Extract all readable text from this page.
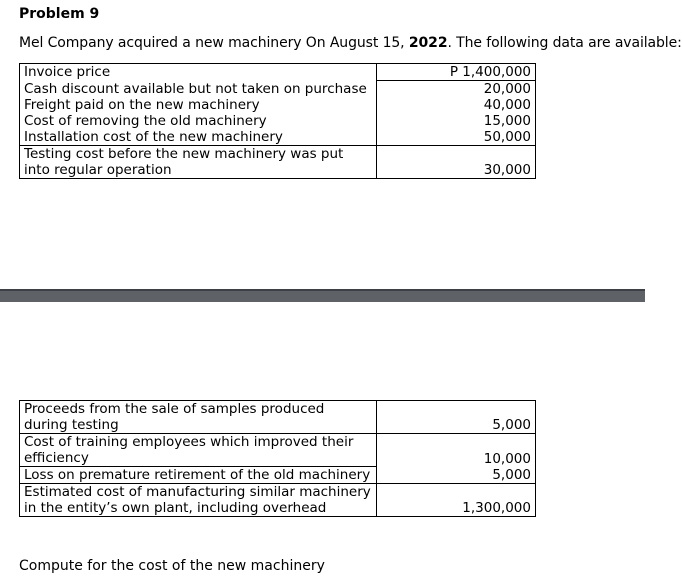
Problem 9
Mel Company acquired a new machinery On August 15, 2022. The following data are available:
Invoice price	P 1,400,000
Cash discount available but not taken on purchase	20,000
Freight paid on the new machinery	40,000
Cost of removing the old machinery	15,000
Installation cost of the new machinery	50,000
Testing cost before the new machinery was put into regular operation	30,000
Proceeds from the sale of samples produced during testing	5,000
Cost of training employees which improved their efficiency	10,000
Loss on premature retirement of the old machinery	5,000
Estimated cost of manufacturing similar machinery in the entity’s own plant, including overhead	1,300,000
Compute for the cost of the new machinery
